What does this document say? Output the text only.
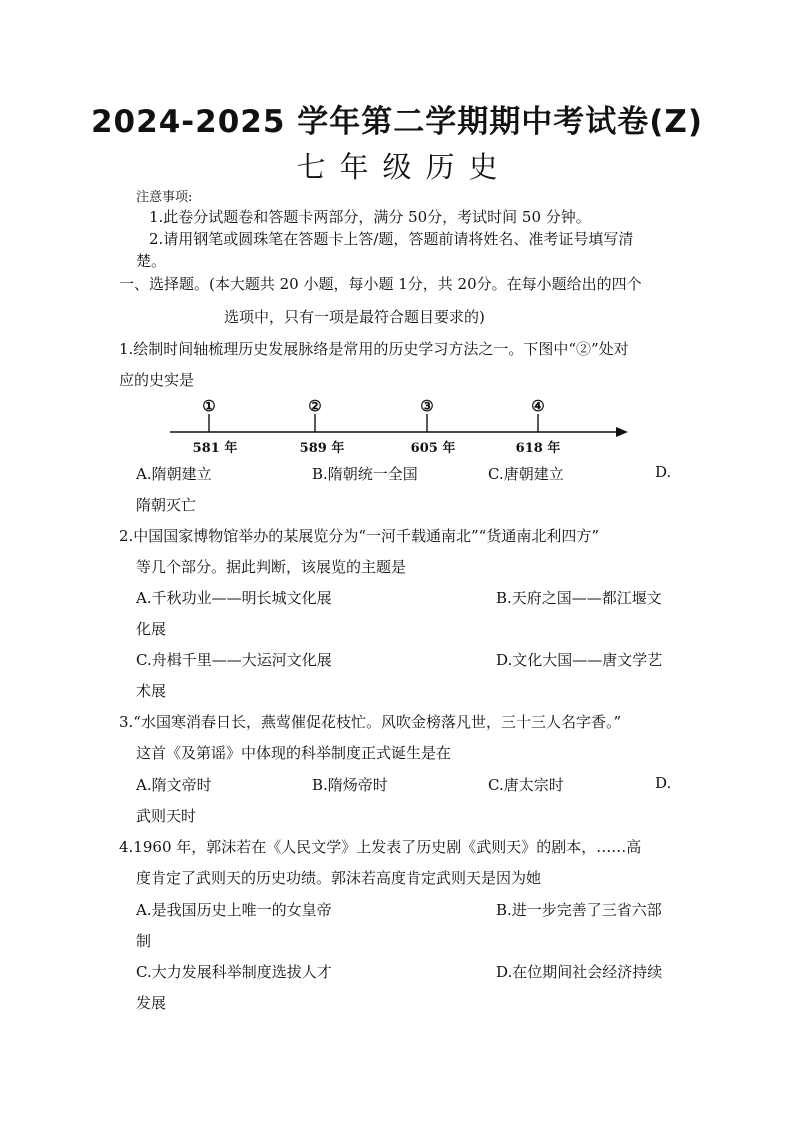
2024-2025 学年第二学期期中考试卷(Z)
七年级历史
注意事项:
1.此卷分试题卷和答题卡两部分，满分 50分，考试时间 50 分钟。
2.请用钢笔或圆珠笔在答题卡上答/题，答题前请将姓名、准考证号填写清
楚。
一、选择题。(本大题共 20 小题，每小题 1分，共 20分。在每小题给出的四个
选项中，只有一项是最符合题目要求的)
1.绘制时间轴梳理历史发展脉络是常用的历史学习方法之一。下图中“②”处对
应的史实是
①	②	③	④
581 年	589 年	605 年	618 年
A.隋朝建立	B.隋朝统一全国	C.唐朝建立	D.
隋朝灭亡
2.中国国家博物馆举办的某展览分为“一河千载通南北”“货通南北利四方”
等几个部分。据此判断，该展览的主题是
A.千秋功业——明长城文化展	B.天府之国——都江堰文
化展
C.舟楫千里——大运河文化展	D.文化大国——唐文学艺
术展
3.“水国寒消春日长，燕莺催促花枝忙。风吹金榜落凡世，三十三人名字香。”
这首《及第谣》中体现的科举制度正式诞生是在
A.隋文帝时	B.隋炀帝时	C.唐太宗时	D.
武则天时
4.1960 年，郭沫若在《人民文学》上发表了历史剧《武则天》的剧本，……高
度肯定了武则天的历史功绩。郭沫若高度肯定武则天是因为她
A.是我国历史上唯一的女皇帝	B.进一步完善了三省六部
制
C.大力发展科举制度选拔人才	D.在位期间社会经济持续
发展
